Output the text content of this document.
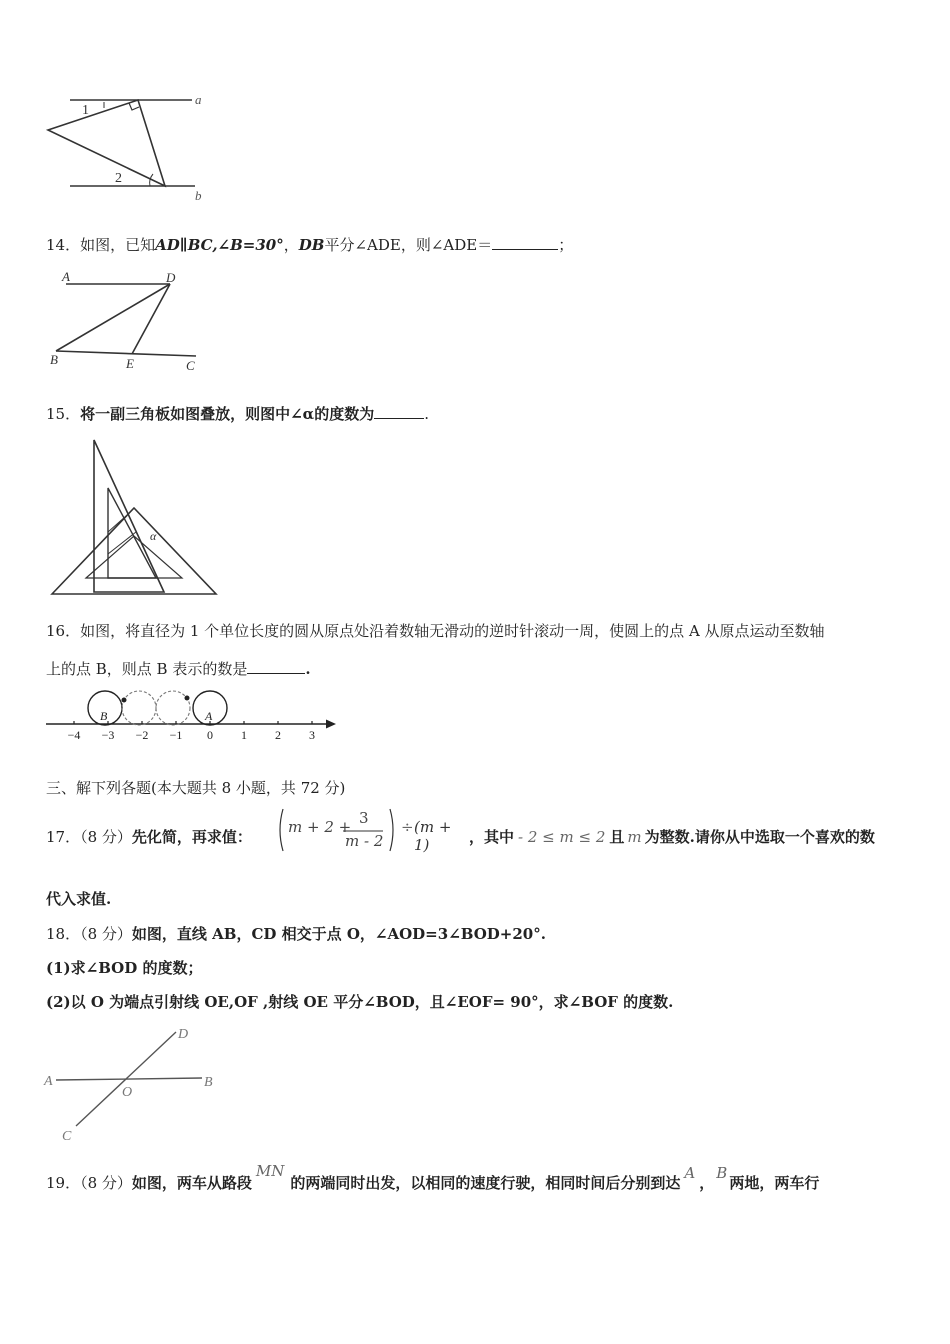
1
2
a
b
14．如图，已知AD∥BC,∠B=30°，DB平分∠ADE，则∠ADE＝	；
A	D
B	E	C
15．将一副三角板如图叠放，则图中∠α的度数为	.
α
16．如图，将直径为 1 个单位长度的圆从原点处沿着数轴无滑动的逆时针滚动一周，使圆上的点 A 从原点运动至数轴
上的点 B，则点 B 表示的数是	.
B	A
−4 −3 −2 −1 0 1 2 3
三、解下列各题(本大题共 8 小题，共 72 分)
17．（8 分）先化简，再求值：
m + 2 + 3
m - 2
÷ (m + 1)	，其中 - 2 ≤ m ≤ 2 且 m 为整数.请你从中选取一个喜欢的数
代入求值.
18．（8 分）如图，直线 AB，CD 相交于点 O，∠AOD=3∠BOD+20°.
(1)求∠BOD 的度数；
(2)以 O 为端点引射线 OE,OF ,射线 OE 平分∠BOD，且∠EOF= 90°，求∠BOF 的度数.
A	B
C
D
O
19．（8 分）如图，两车从路段MN的两端同时出发，以相同的速度行驶，相同时间后分别到达A，B两地，两车行
